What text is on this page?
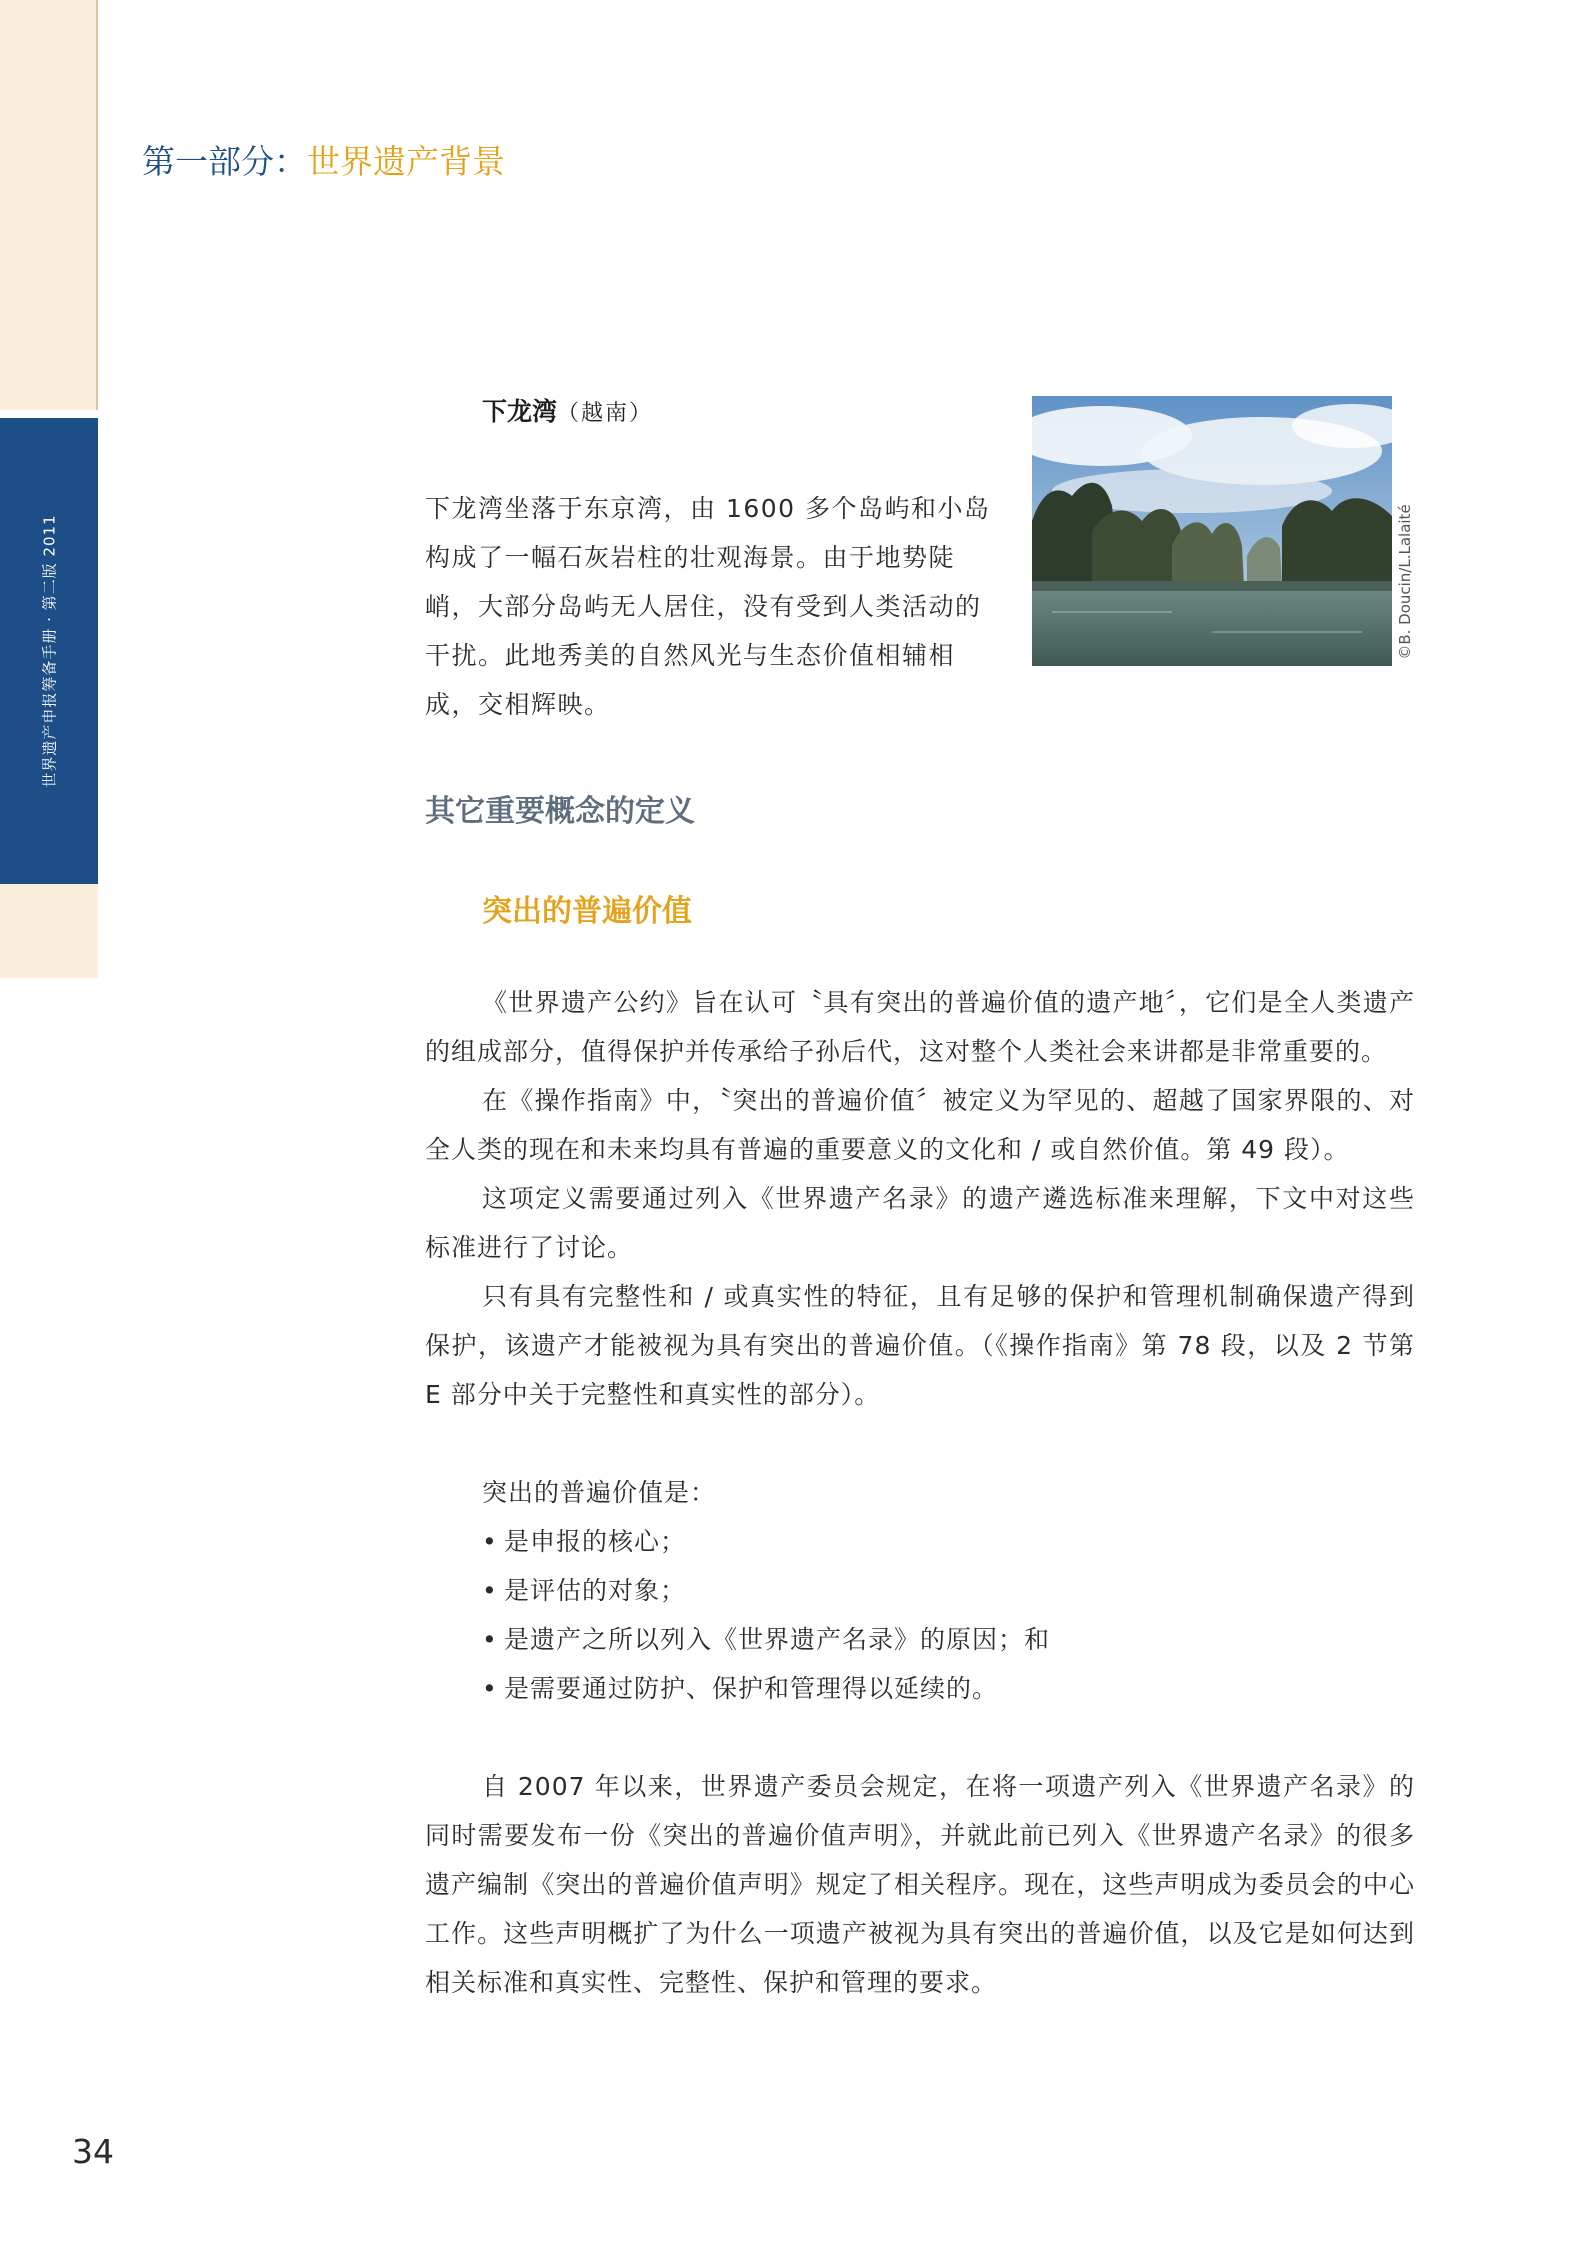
世界遗产申报筹备手册 · 第二版 2011
第一部分：世界遗产背景
下龙湾（越南）
下龙湾坐落于东京湾，由 1600 多个岛屿和小岛构成了一幅石灰岩柱的壮观海景。由于地势陡峭，大部分岛屿无人居住，没有受到人类活动的干扰。此地秀美的自然风光与生态价值相辅相成，交相辉映。
©B. Doucin/L.Lalaité
其它重要概念的定义
突出的普遍价值

《世界遗产公约》旨在认可〝具有突出的普遍价值的遗产地〞，它们是全人类遗产的组成部分，值得保护并传承给子孙后代，这对整个人类社会来讲都是非常重要的。

在《操作指南》中，〝突出的普遍价值〞被定义为罕见的、超越了国家界限的、对全人类的现在和未来均具有普遍的重要意义的文化和 / 或自然价值。第 49 段）。

这项定义需要通过列入《世界遗产名录》的遗产遴选标准来理解，下文中对这些标准进行了讨论。

只有具有完整性和 / 或真实性的特征，且有足够的保护和管理机制确保遗产得到保护，该遗产才能被视为具有突出的普遍价值。（《操作指南》第 78 段，以及 2 节第 E 部分中关于完整性和真实性的部分）。

突出的普遍价值是：

• 是申报的核心；
• 是评估的对象；
• 是遗产之所以列入《世界遗产名录》的原因；和
• 是需要通过防护、保护和管理得以延续的。

自 2007 年以来，世界遗产委员会规定，在将一项遗产列入《世界遗产名录》的同时需要发布一份《突出的普遍价值声明》，并就此前已列入《世界遗产名录》的很多遗产编制《突出的普遍价值声明》规定了相关程序。现在，这些声明成为委员会的中心工作。这些声明概扩了为什么一项遗产被视为具有突出的普遍价值，以及它是如何达到相关标准和真实性、完整性、保护和管理的要求。

34
